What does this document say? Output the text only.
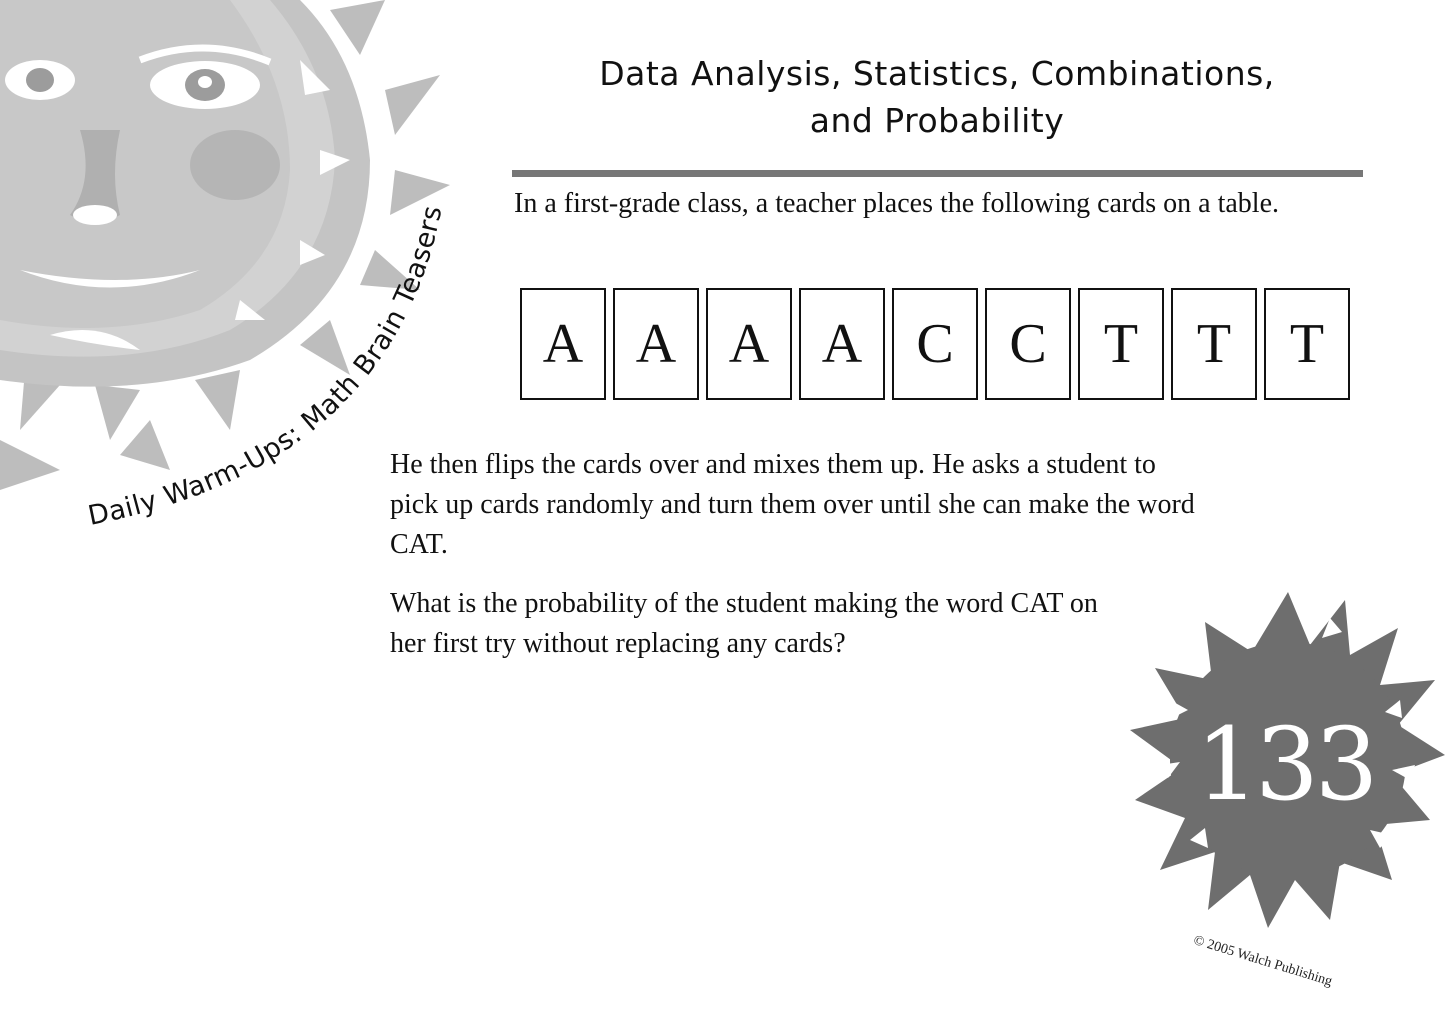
Daily Warm-Ups: Math Brain Teasers
Data Analysis, Statistics, Combinations,
and Probability
In a first-grade class, a teacher places the following cards on a table.
A A A A C C	T	T	T

He then flips the cards over and mixes them up. He asks a student to pick up cards randomly and turn them over until she can make the word CAT.

What is the probability of the student making the word CAT on her first try without replacing any cards?

133
© 2005 Walch Publishing
